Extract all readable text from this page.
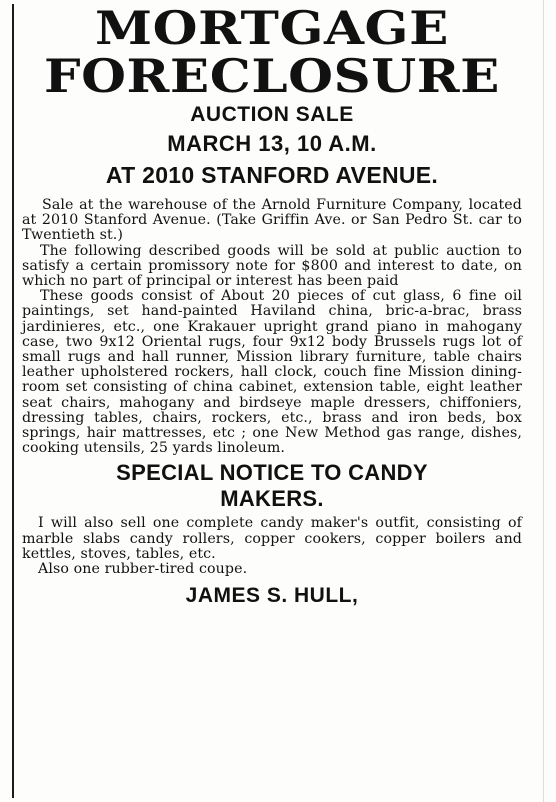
MORTGAGE
FORECLOSURE

AUCTION SALE

MARCH 13, 10 A.M.

AT 2010 STANFORD AVENUE.

Sale at the warehouse of the Arnold Furniture Company, located at 2010 Stanford Avenue. (Take Griffin Ave. or San Pedro St. car to Twentieth st.)

The following described goods will be sold at public auction to satisfy a certain promissory note for $800 and interest to date, on which no part of principal or interest has been paid

These goods consist of About 20 pieces of cut glass, 6 fine oil paintings, set hand-painted Haviland china, bric-a-brac, brass jardinieres, etc., one Krakauer upright grand piano in mahogany case, two 9x12 Oriental rugs, four 9x12 body Brussels rugs lot of small rugs and hall runner, Mission library furniture, table chairs leather upholstered rockers, hall clock, couch fine Mission dining-room set consisting of china cabinet, extension table, eight leather seat chairs, mahogany and birdseye maple dressers, chiffoniers, dressing tables, chairs, rockers, etc., brass and iron beds, box springs, hair mattresses, etc ; one New Method gas range, dishes, cooking utensils, 25 yards linoleum.

SPECIAL NOTICE TO CANDY
MAKERS.

I will also sell one complete candy maker's outfit, consisting of marble slabs candy rollers, copper cookers, copper boilers and kettles, stoves, tables, etc.

Also one rubber-tired coupe.

JAMES S. HULL,
